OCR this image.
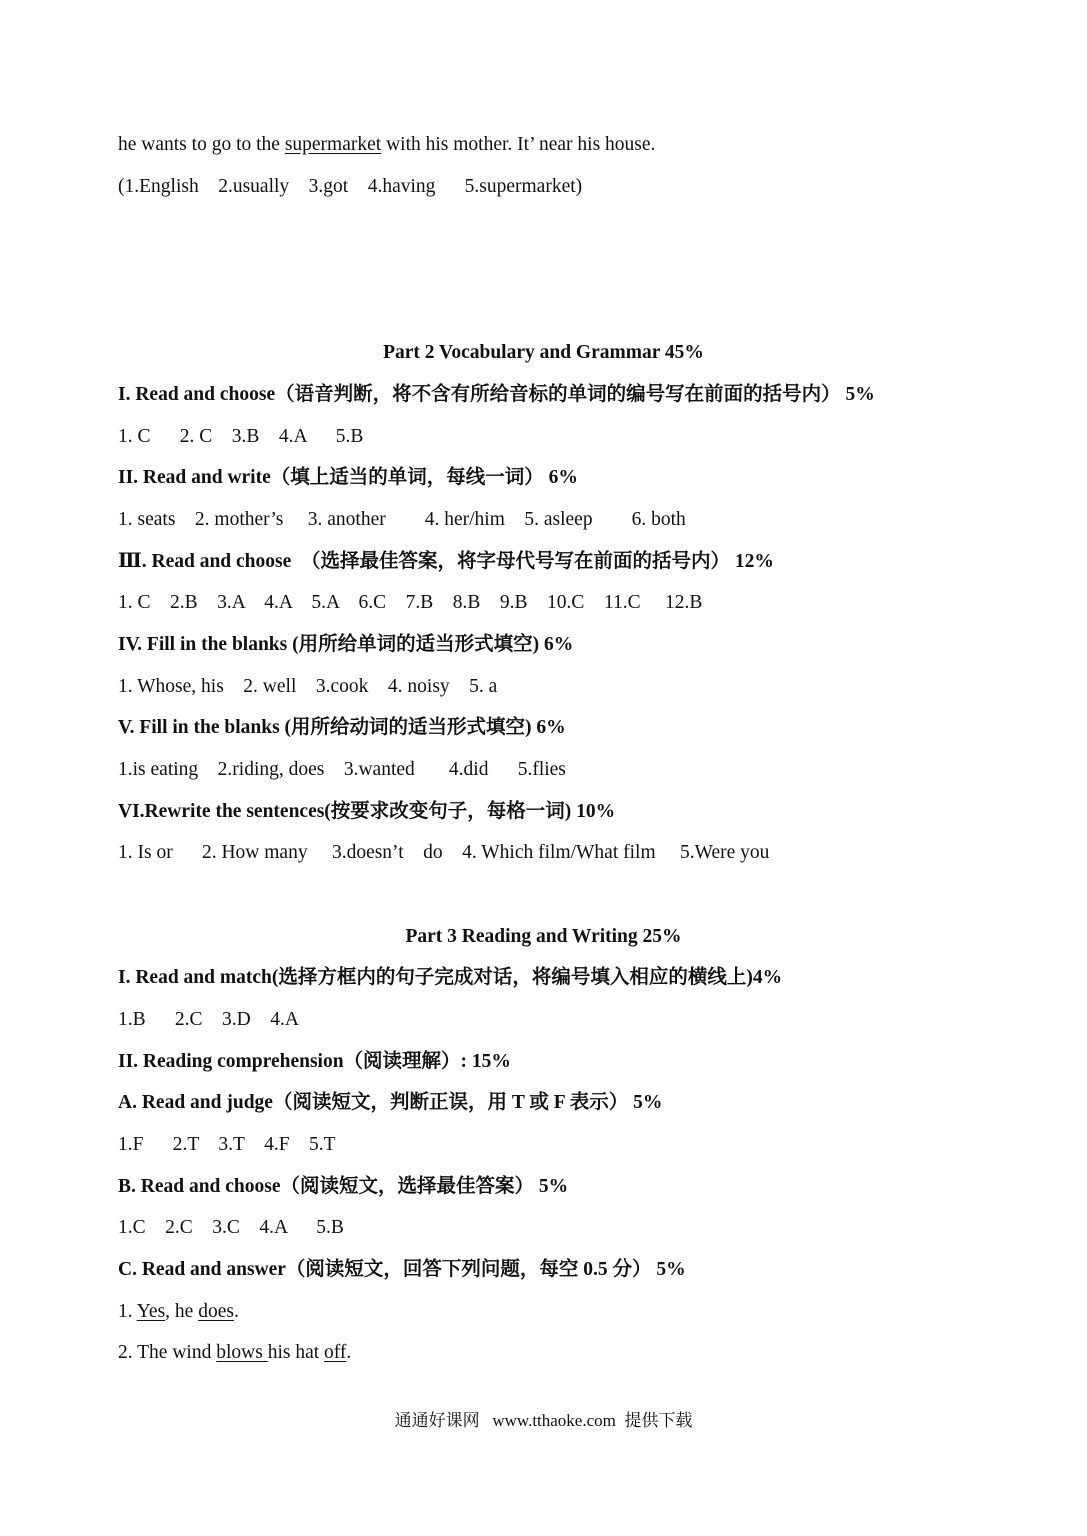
he wants to go to the supermarket with his mother. It’ near his house.
(1.English    2.usually    3.got    4.having      5.supermarket)
Part 2 Vocabulary and Grammar 45%
I. Read and choose（语音判断，将不含有所给音标的单词的编号写在前面的括号内） 5%
1. C      2. C    3.B    4.A      5.B
II. Read and write（填上适当的单词，每线一词） 6%
1. seats    2. mother’s     3. another        4. her/him    5. asleep        6. both
Ⅲ. Read and choose  （选择最佳答案，将字母代号写在前面的括号内） 12%
1. C    2.B    3.A    4.A    5.A    6.C    7.B    8.B    9.B    10.C    11.C     12.B
IV. Fill in the blanks (用所给单词的适当形式填空) 6%
1. Whose, his    2. well    3.cook    4. noisy    5. a
V. Fill in the blanks (用所给动词的适当形式填空) 6%
1.is eating    2.riding, does    3.wanted       4.did      5.flies
VI.Rewrite the sentences(按要求改变句子，每格一词) 10%
1. Is or      2. How many     3.doesn’t    do    4. Which film/What film     5.Were you
Part 3 Reading and Writing 25%
I. Read and match(选择方框内的句子完成对话，将编号填入相应的横线上)4%
1.B      2.C    3.D    4.A
II. Reading comprehension（阅读理解）: 15%
A. Read and judge（阅读短文，判断正误，用 T 或 F 表示） 5%
1.F      2.T    3.T    4.F    5.T
B. Read and choose（阅读短文，选择最佳答案） 5%
1.C    2.C    3.C    4.A      5.B
C. Read and answer（阅读短文，回答下列问题，每空 0.5 分） 5%
1. Yes, he does.
2. The wind blows his hat off.
通通好课网   www.tthaoke.com  提供下载
